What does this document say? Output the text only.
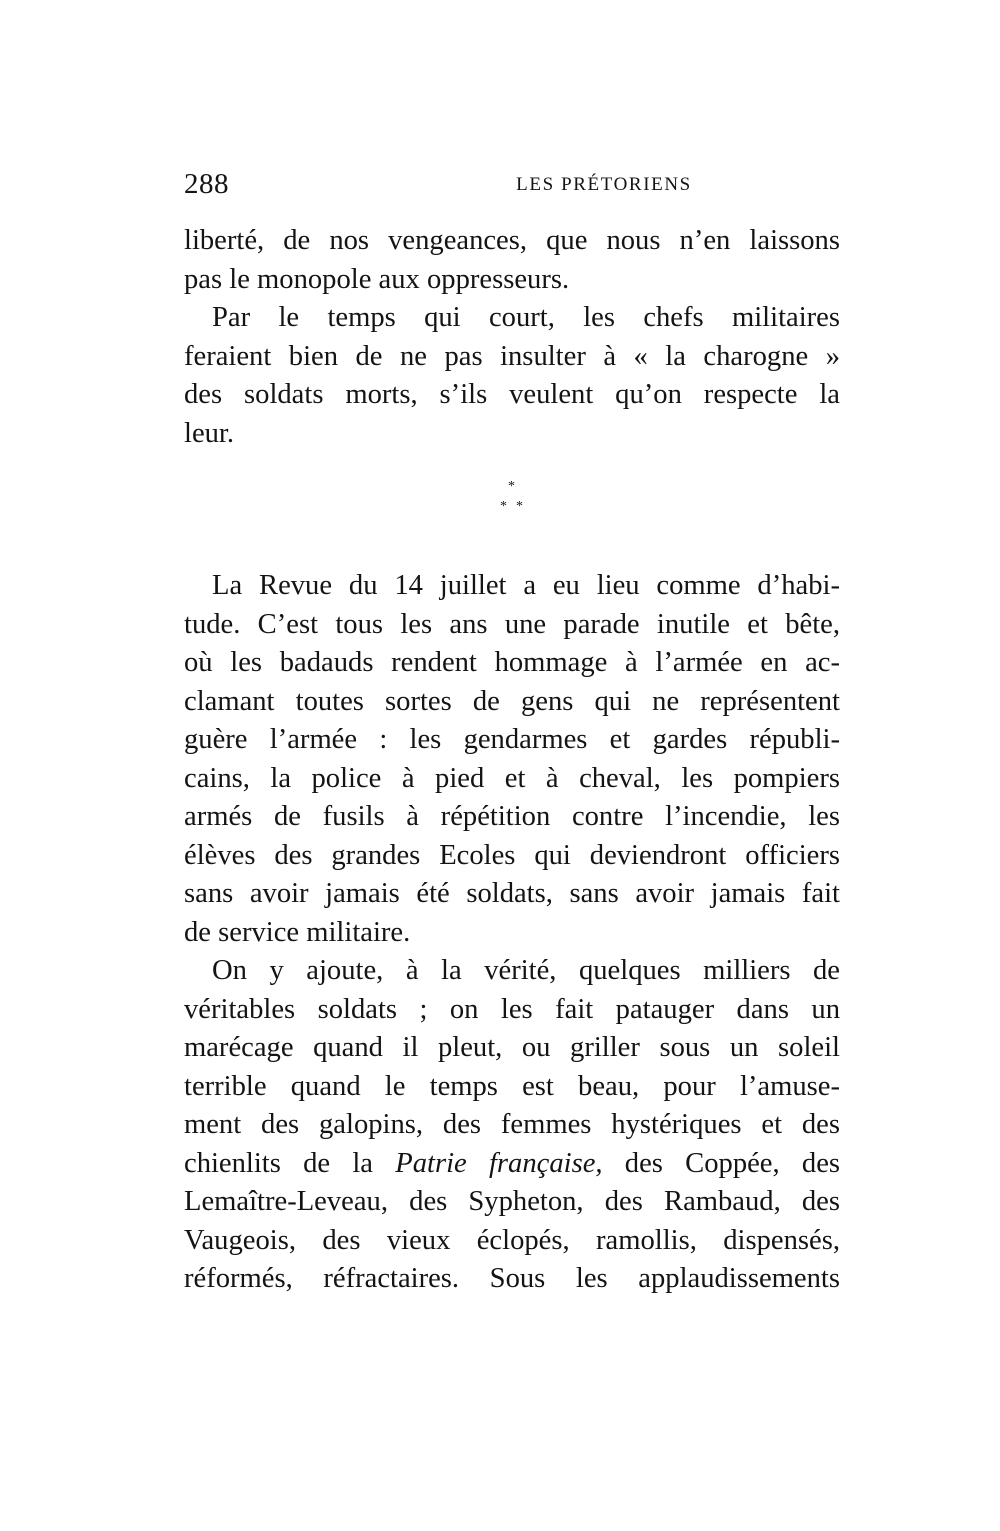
288	LES PRÉTORIENS
liberté, de nos vengeances, que nous n’en laissons
pas le monopole aux oppresseurs.
Par le temps qui court, les chefs militaires
feraient bien de ne pas insulter à « la charogne »
des soldats morts, s’ils veulent qu’on respecte la
leur.
*
* *
La Revue du 14 juillet a eu lieu comme d’habi-
tude. C’est tous les ans une parade inutile et bête,
où les badauds rendent hommage à l’armée en ac-
clamant toutes sortes de gens qui ne représentent
guère l’armée : les gendarmes et gardes républi-
cains, la police à pied et à cheval, les pompiers
armés de fusils à répétition contre l’incendie, les
élèves des grandes Ecoles qui deviendront officiers
sans avoir jamais été soldats, sans avoir jamais fait
de service militaire.
On y ajoute, à la vérité, quelques milliers de
véritables soldats ; on les fait patauger dans un
marécage quand il pleut, ou griller sous un soleil
terrible quand le temps est beau, pour l’amuse-
ment des galopins, des femmes hystériques et des
chienlits de la Patrie française, des Coppée, des
Lemaître-Leveau, des Sypheton, des Rambaud, des
Vaugeois, des vieux éclopés, ramollis, dispensés,
réformés, réfractaires. Sous les applaudissements
